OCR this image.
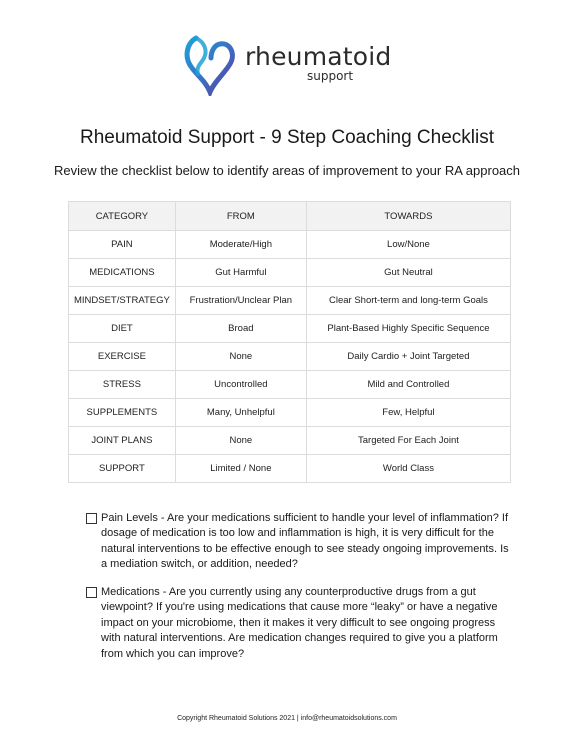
rheumatoid
support
Rheumatoid Support - 9 Step Coaching Checklist
Review the checklist below to identify areas of improvement to your RA approach
CATEGORY	FROM	TOWARDS
PAIN	Moderate/High	Low/None
MEDICATIONS	Gut Harmful	Gut Neutral
MINDSET/STRATEGY	Frustration/Unclear Plan	Clear Short-term and long-term Goals
DIET	Broad	Plant-Based Highly Specific Sequence
EXERCISE	None	Daily Cardio + Joint Targeted
STRESS	Uncontrolled	Mild and Controlled
SUPPLEMENTS	Many, Unhelpful	Few, Helpful
JOINT PLANS	None	Targeted For Each Joint
SUPPORT	Limited / None	World Class
Pain Levels - Are your medications sufficient to handle your level of inflammation? If dosage of medication is too low and inflammation is high, it is very difficult for the natural interventions to be effective enough to see steady ongoing improvements. Is a mediation switch, or addition, needed?
Medications - Are you currently using any counterproductive drugs from a gut viewpoint? If you're using medications that cause more “leaky” or have a negative impact on your microbiome, then it makes it very difficult to see ongoing progress with natural interventions. Are medication changes required to give you a platform from which you can improve?
Copyright Rheumatoid Solutions 2021 | info@rheumatoidsolutions.com
